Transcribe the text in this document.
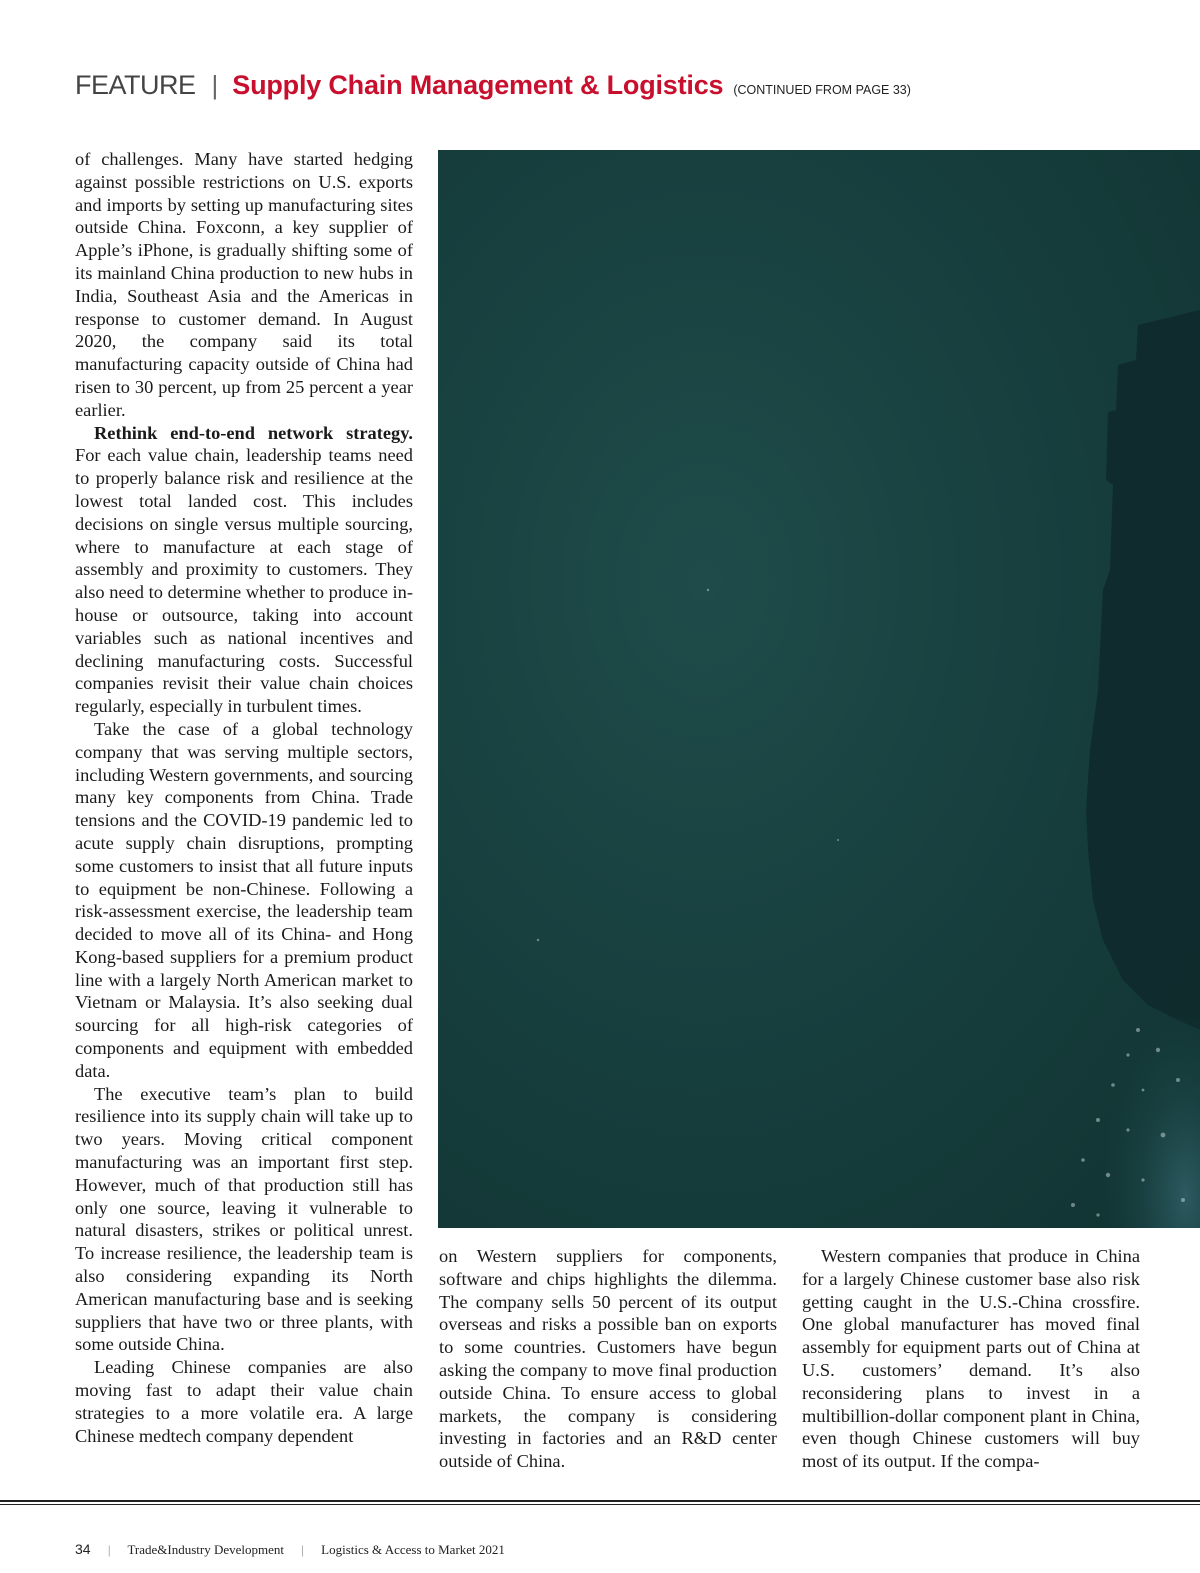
FEATURE | Supply Chain Management & Logistics (CONTINUED FROM PAGE 33)

of challenges. Many have started hedging against possible restrictions on U.S. exports and imports by setting up manufacturing sites outside China. Foxconn, a key supplier of Apple’s iPhone, is gradually shifting some of its mainland China production to new hubs in India, Southeast Asia and the Americas in response to customer demand. In August 2020, the company said its total manufacturing capacity outside of China had risen to 30 percent, up from 25 percent a year earlier.

Rethink end-to-end network strategy. For each value chain, leadership teams need to properly balance risk and resilience at the lowest total landed cost. This includes decisions on single versus multiple sourcing, where to manufacture at each stage of assembly and proximity to customers. They also need to determine whether to produce in-house or outsource, taking into account variables such as national incentives and declining manufacturing costs. Successful companies revisit their value chain choices regularly, especially in turbulent times.

Take the case of a global technology company that was serving multiple sectors, including Western governments, and sourcing many key components from China. Trade tensions and the COVID-19 pandemic led to acute supply chain disruptions, prompting some customers to insist that all future inputs to equipment be non-Chinese. Following a risk-assessment exercise, the leadership team decided to move all of its China- and Hong Kong-based suppliers for a premium product line with a largely North American market to Vietnam or Malaysia. It’s also seeking dual sourcing for all high-risk categories of components and equipment with embedded data.

The executive team’s plan to build resilience into its supply chain will take up to two years. Moving critical component manufacturing was an important first step. However, much of that production still has only one source, leaving it vulnerable to natural disasters, strikes or political unrest. To increase resilience, the leadership team is also considering expanding its North American manufacturing base and is seeking suppliers that have two or three plants, with some outside China.

Leading Chinese companies are also moving fast to adapt their value chain strategies to a more volatile era. A large Chinese medtech company dependent

on Western suppliers for components, software and chips highlights the dilemma. The company sells 50 percent of its output overseas and risks a possible ban on exports to some countries. Customers have begun asking the company to move final production outside China. To ensure access to global markets, the company is considering investing in factories and an R&D center outside of China.

Western companies that produce in China for a largely Chinese customer base also risk getting caught in the U.S.-China crossfire. One global manufacturer has moved final assembly for equipment parts out of China at U.S. customers’ demand. It’s also reconsidering plans to invest in a multibillion-dollar component plant in China, even though Chinese customers will buy most of its output. If the compa-

34 | Trade&Industry Development | Logistics & Access to Market 2021
